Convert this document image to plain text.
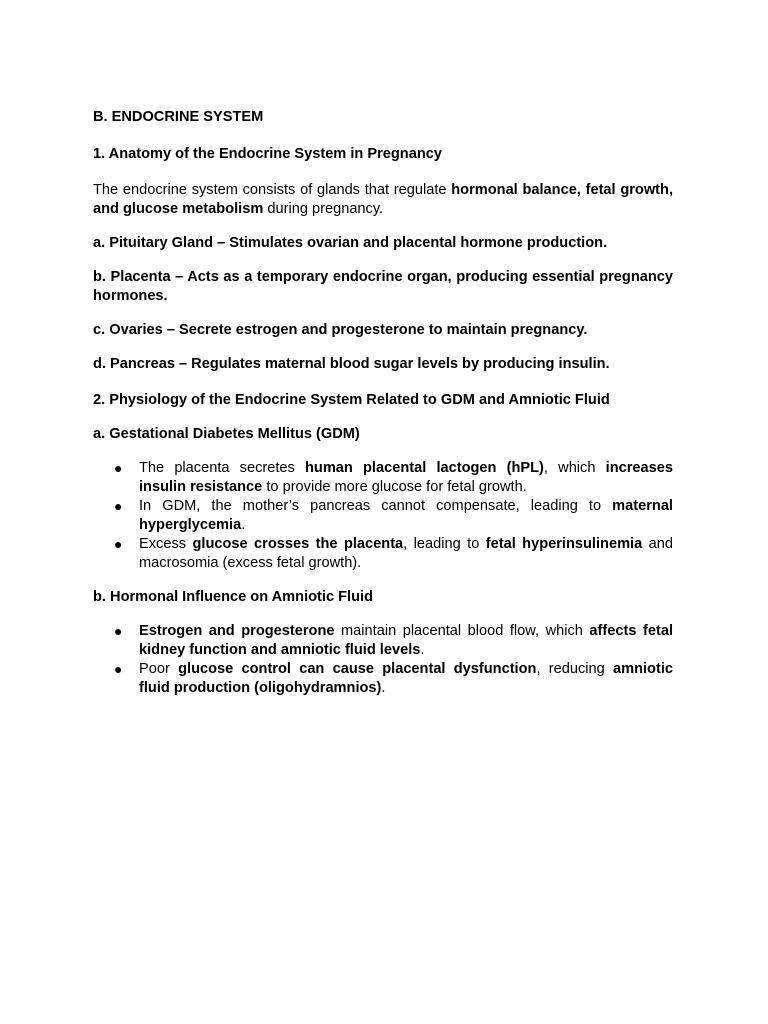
B. ENDOCRINE SYSTEM

1. Anatomy of the Endocrine System in Pregnancy

The endocrine system consists of glands that regulate hormonal balance, fetal growth, and glucose metabolism during pregnancy.

a. Pituitary Gland – Stimulates ovarian and placental hormone production.

b. Placenta – Acts as a temporary endocrine organ, producing essential pregnancy hormones.

c. Ovaries – Secrete estrogen and progesterone to maintain pregnancy.

d. Pancreas – Regulates maternal blood sugar levels by producing insulin.

2. Physiology of the Endocrine System Related to GDM and Amniotic Fluid

a. Gestational Diabetes Mellitus (GDM)

● The placenta secretes human placental lactogen (hPL), which increases insulin resistance to provide more glucose for fetal growth.
● In GDM, the mother’s pancreas cannot compensate, leading to maternal hyperglycemia.
● Excess glucose crosses the placenta, leading to fetal hyperinsulinemia and macrosomia (excess fetal growth).

b. Hormonal Influence on Amniotic Fluid

● Estrogen and progesterone maintain placental blood flow, which affects fetal kidney function and amniotic fluid levels.
● Poor glucose control can cause placental dysfunction, reducing amniotic fluid production (oligohydramnios).
